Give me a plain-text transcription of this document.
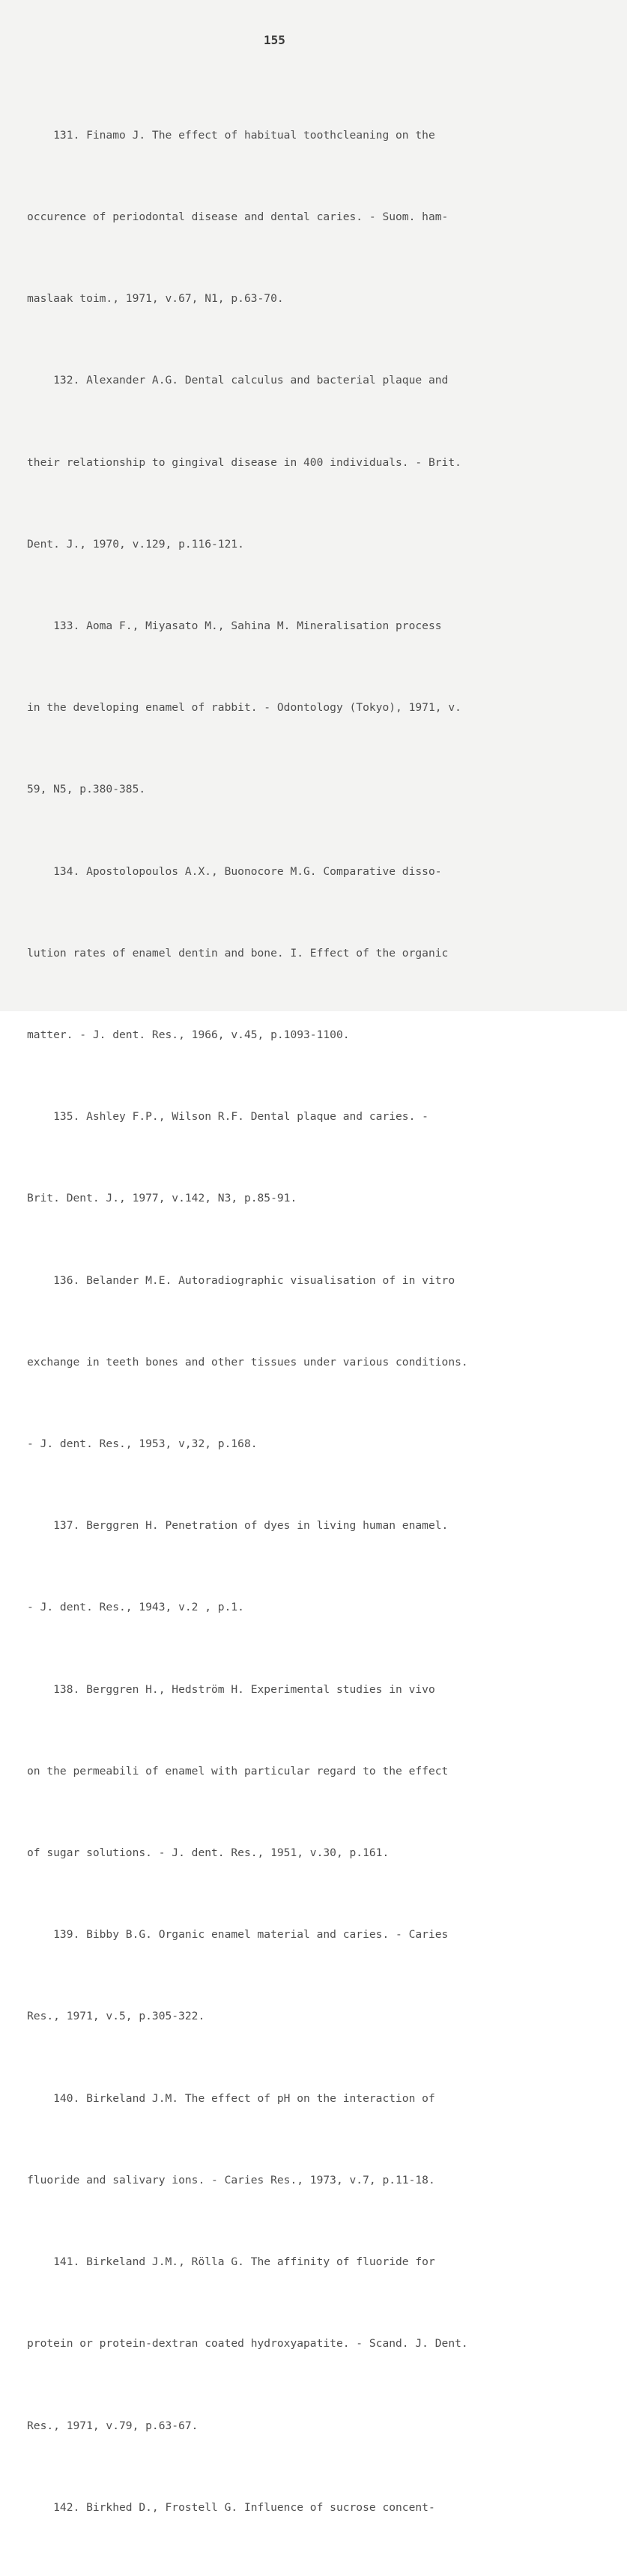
155

131. Finamo J. The effect of habitual toothcleaning on the

occurence of periodontal disease and dental caries. - Suom. ham-

maslaak toim., 1971, v.67, N1, p.63-70.

132. Alexander A.G. Dental calculus and bacterial plaque and

their relationship to gingival disease in 400 individuals. - Brit.

Dent. J., 1970, v.129, p.116-121.

133. Aoma F., Miyasato M., Sahina M. Mineralisation process

in the developing enamel of rabbit. - Odontology (Tokyo), 1971, v.

59, N5, p.380-385.

134. Apostolopoulos A.X., Buonocore M.G. Comparative disso-

lution rates of enamel dentin and bone. I. Effect of the organic

matter. - J. dent. Res., 1966, v.45, p.1093-1100.

135. Ashley F.P., Wilson R.F. Dental plaque and caries. -

Brit. Dent. J., 1977, v.142, N3, p.85-91.

136. Belander M.E. Autoradiographic visualisation of in vitro

exchange in teeth bones and other tissues under various conditions.

- J. dent. Res., 1953, v,32, p.168.

137. Berggren H. Penetration of dyes in living human enamel.

- J. dent. Res., 1943, v.2 , p.1.

138. Berggren H., Hedström H. Experimental studies in vivo

on the permeabili of enamel with particular regard to the effect

of sugar solutions. - J. dent. Res., 1951, v.30, p.161.

139. Bibby B.G. Organic enamel material and caries. - Caries

Res., 1971, v.5, p.305-322.

140. Birkeland J.M. The effect of pH on the interaction of

fluoride and salivary ions. - Caries Res., 1973, v.7, p.11-18.

141. Birkeland J.M., Rölla G. The affinity of fluoride for

protein or protein-dextran coated hydroxyapatite. - Scand. J. Dent.

Res., 1971, v.79, p.63-67.

142. Birkhed D., Frostell G. Influence of sucrose concent-
